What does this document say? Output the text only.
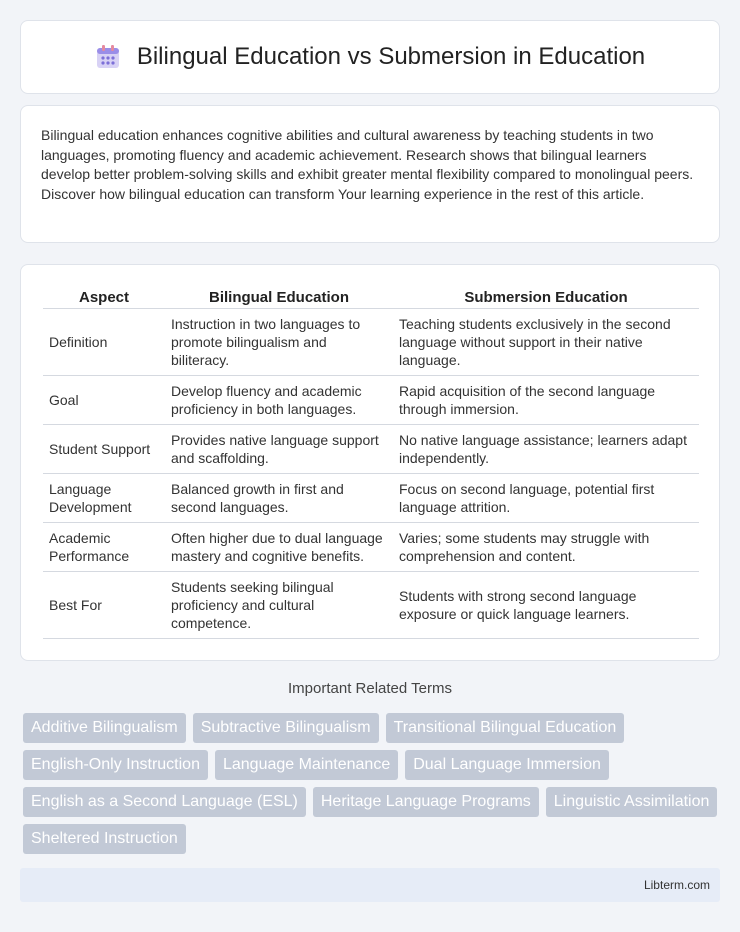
Bilingual Education vs Submersion in Education

Bilingual education enhances cognitive abilities and cultural awareness by teaching students in two languages, promoting fluency and academic achievement. Research shows that bilingual learners develop better problem-solving skills and exhibit greater mental flexibility compared to monolingual peers. Discover how bilingual education can transform Your learning experience in the rest of this article.

Aspect	Bilingual Education	Submersion Education
Definition	Instruction in two languages to promote bilingualism and biliteracy.	Teaching students exclusively in the second language without support in their native language.
Goal	Develop fluency and academic proficiency in both languages.	Rapid acquisition of the second language through immersion.
Student Support	Provides native language support and scaffolding.	No native language assistance; learners adapt independently.
Language Development	Balanced growth in first and second languages.	Focus on second language, potential first language attrition.
Academic Performance	Often higher due to dual language mastery and cognitive benefits.	Varies; some students may struggle with comprehension and content.
Best For	Students seeking bilingual proficiency and cultural competence.	Students with strong second language exposure or quick language learners.
Important Related Terms
Additive Bilingualism	Subtractive Bilingualism	Transitional Bilingual Education
English-Only Instruction	Language Maintenance	Dual Language Immersion
English as a Second Language (ESL)	Heritage Language Programs	Linguistic Assimilation
Sheltered Instruction
Libterm.com
